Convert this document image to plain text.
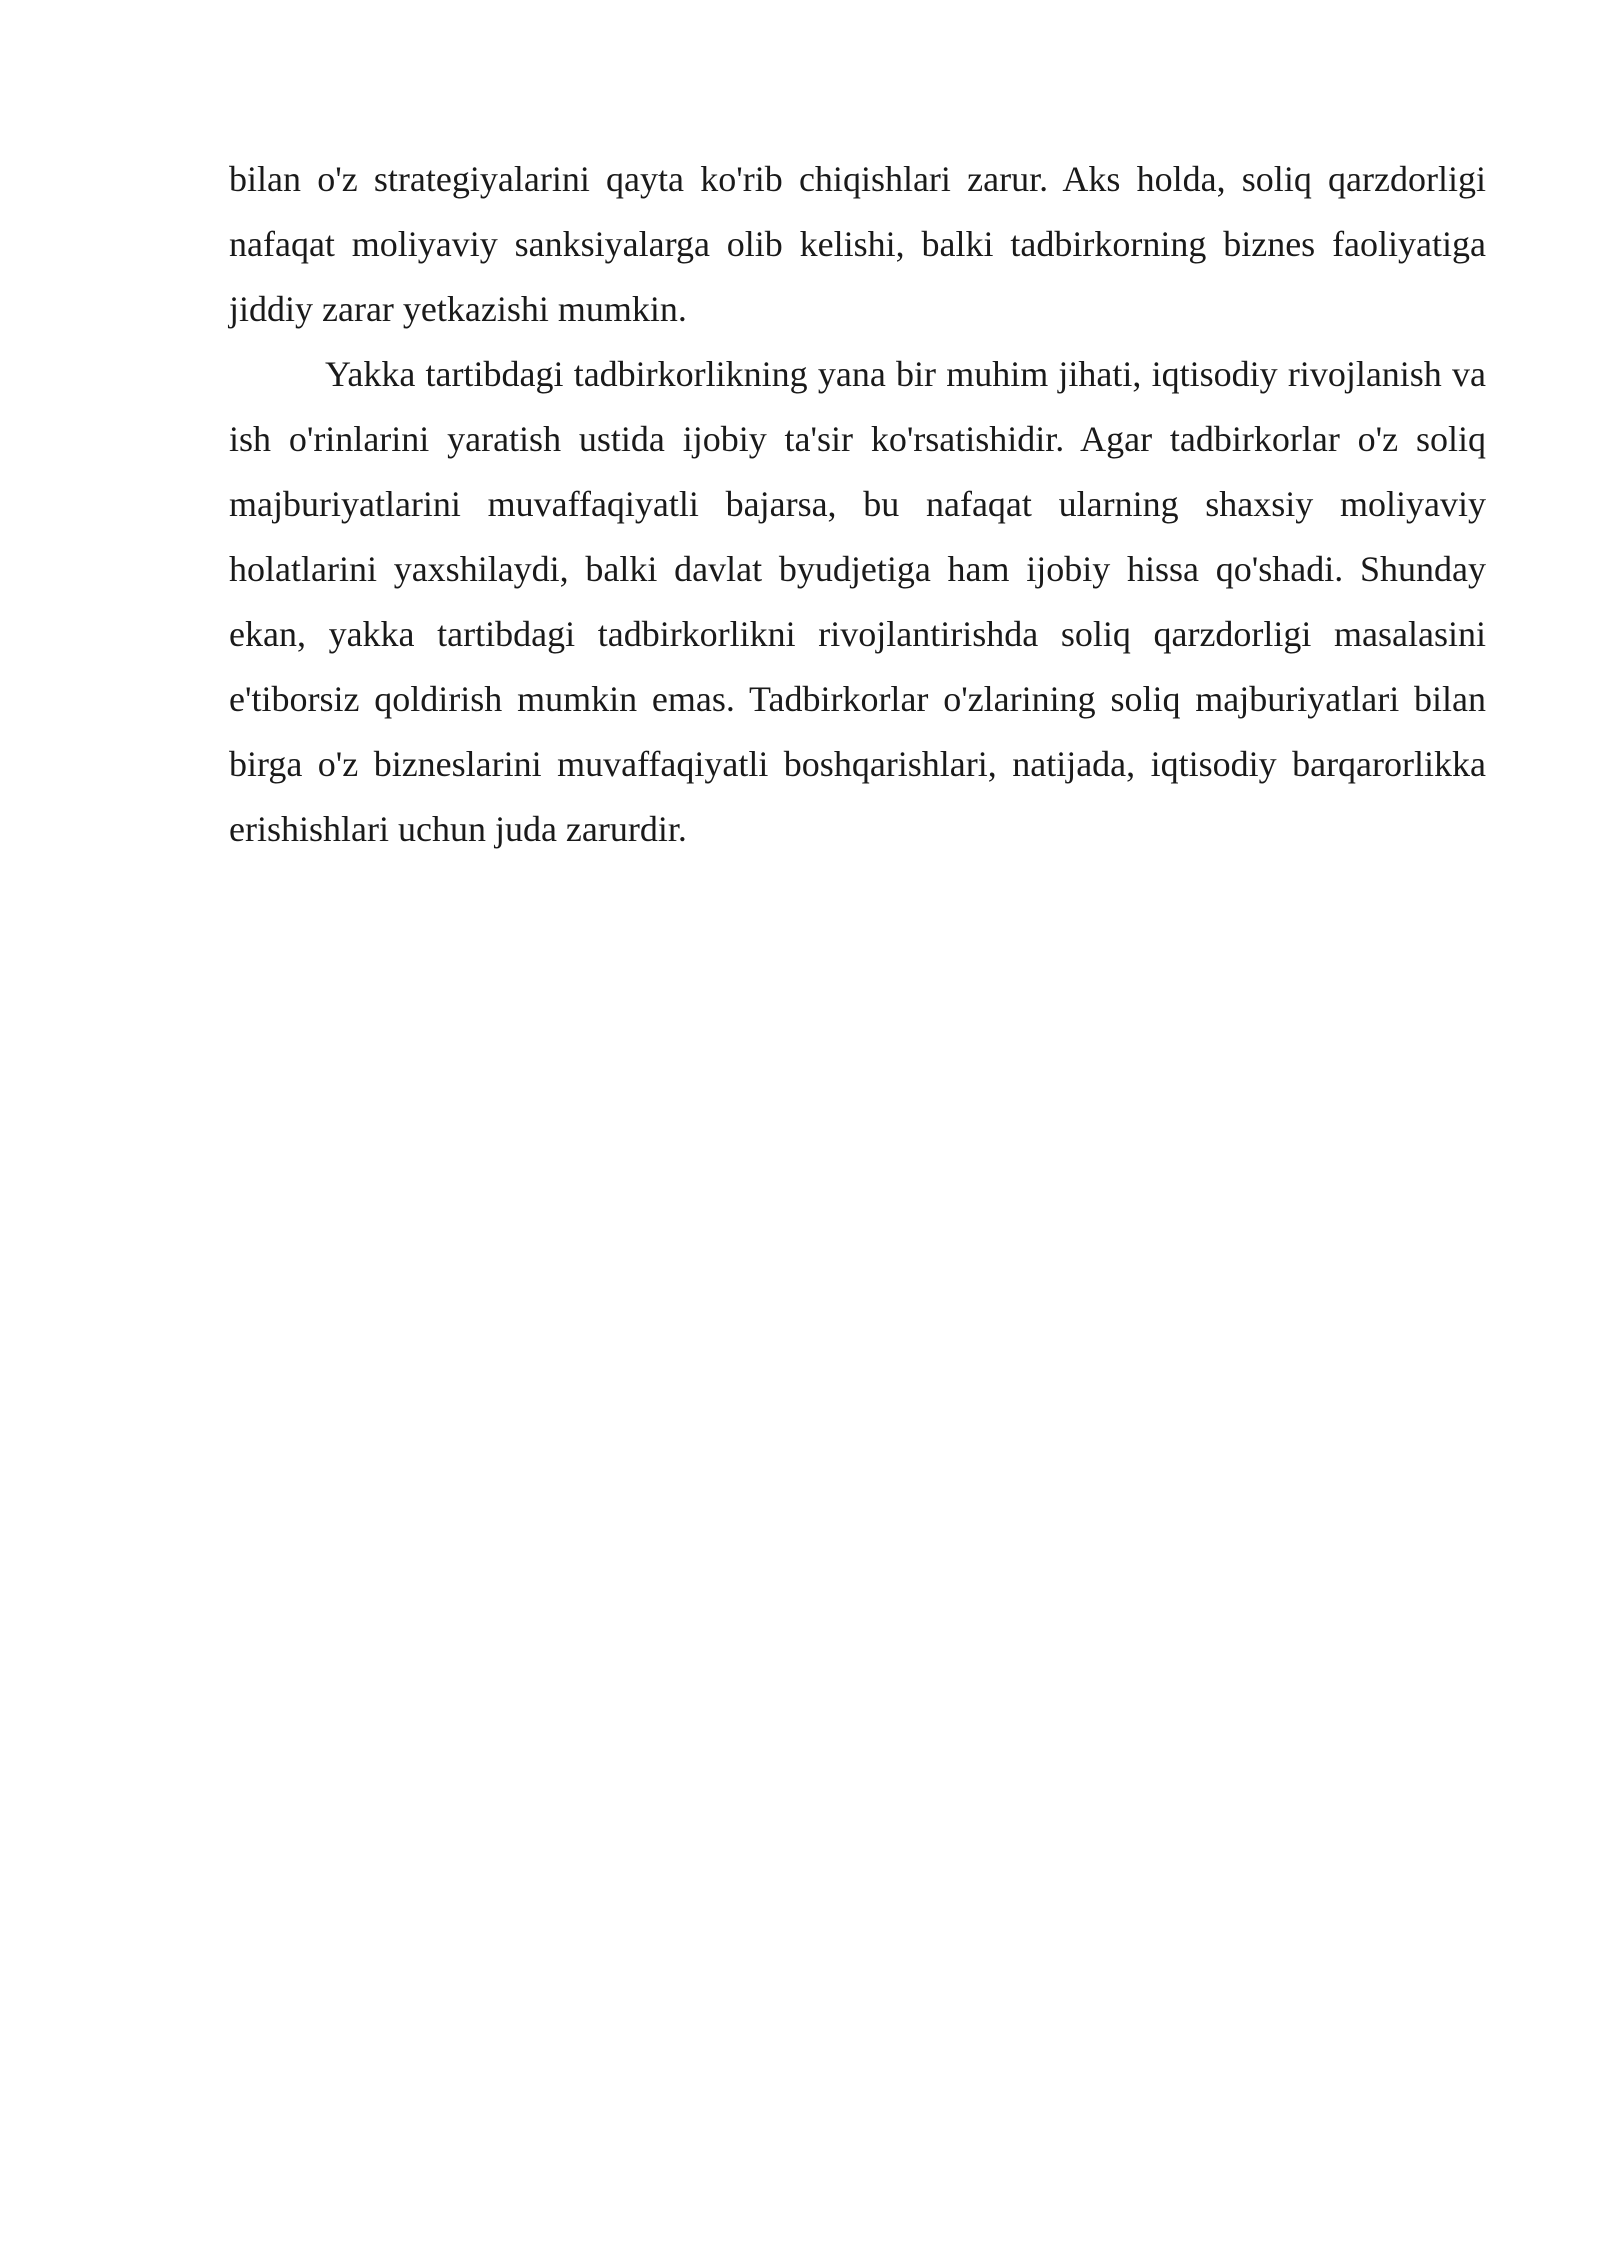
bilan o'z strategiyalarini qayta ko'rib chiqishlari zarur. Aks holda, soliq qarzdorligi nafaqat moliyaviy sanksiyalarga olib kelishi, balki tadbirkorning biznes faoliyatiga jiddiy zarar yetkazishi mumkin.

Yakka tartibdagi tadbirkorlikning yana bir muhim jihati, iqtisodiy rivojlanish va ish o'rinlarini yaratish ustida ijobiy ta'sir ko'rsatishidir. Agar tadbirkorlar o'z soliq majburiyatlarini muvaffaqiyatli bajarsa, bu nafaqat ularning shaxsiy moliyaviy holatlarini yaxshilaydi, balki davlat byudjetiga ham ijobiy hissa qo'shadi. Shunday ekan, yakka tartibdagi tadbirkorlikni rivojlantirishda soliq qarzdorligi masalasini e'tiborsiz qoldirish mumkin emas. Tadbirkorlar o'zlarining soliq majburiyatlari bilan birga o'z bizneslarini muvaffaqiyatli boshqarishlari, natijada, iqtisodiy barqarorlikka erishishlari uchun juda zarurdir.
